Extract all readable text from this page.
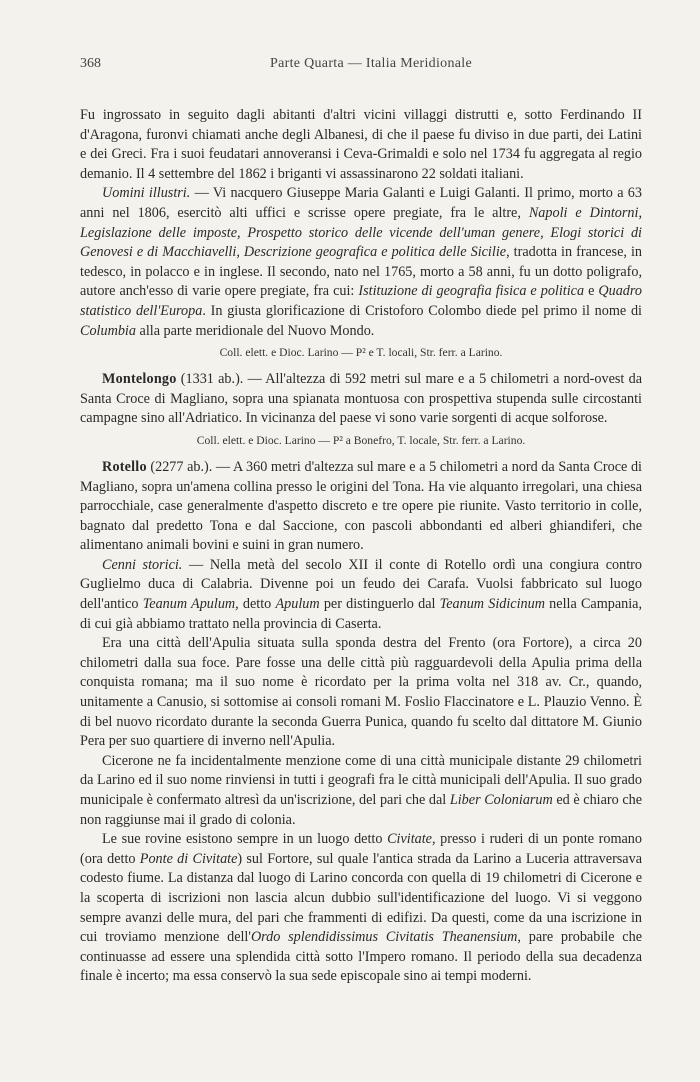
368	Parte Quarta — Italia Meridionale

Fu ingrossato in seguito dagli abitanti d'altri vicini villaggi distrutti e, sotto Ferdinando II d'Aragona, furonvi chiamati anche degli Albanesi, di che il paese fu diviso in due parti, dei Latini e dei Greci. Fra i suoi feudatari annoveransi i Ceva-Grimaldi e solo nel 1734 fu aggregata al regio demanio. Il 4 settembre del 1862 i briganti vi assassinarono 22 soldati italiani.

Uomini illustri. — Vi nacquero Giuseppe Maria Galanti e Luigi Galanti. Il primo, morto a 63 anni nel 1806, esercitò alti uffici e scrisse opere pregiate, fra le altre, Napoli e Dintorni, Legislazione delle imposte, Prospetto storico delle vicende dell'uman genere, Elogi storici di Genovesi e di Macchiavelli, Descrizione geografica e politica delle Sicilie, tradotta in francese, in tedesco, in polacco e in inglese. Il secondo, nato nel 1765, morto a 58 anni, fu un dotto poligrafo, autore anch'esso di varie opere pregiate, fra cui: Istituzione di geografia fisica e politica e Quadro statistico dell'Europa. In giusta glorificazione di Cristoforo Colombo diede pel primo il nome di Columbia alla parte meridionale del Nuovo Mondo.

Coll. elett. e Dioc. Larino — P² e T. locali, Str. ferr. a Larino.

Montelongo (1331 ab.). — All'altezza di 592 metri sul mare e a 5 chilometri a nord-ovest da Santa Croce di Magliano, sopra una spianata montuosa con prospettiva stupenda sulle circostanti campagne sino all'Adriatico. In vicinanza del paese vi sono varie sorgenti di acque solforose.

Coll. elett. e Dioc. Larino — P² a Bonefro, T. locale, Str. ferr. a Larino.

Rotello (2277 ab.). — A 360 metri d'altezza sul mare e a 5 chilometri a nord da Santa Croce di Magliano, sopra un'amena collina presso le origini del Tona. Ha vie alquanto irregolari, una chiesa parrocchiale, case generalmente d'aspetto discreto e tre opere pie riunite. Vasto territorio in colle, bagnato dal predetto Tona e dal Saccione, con pascoli abbondanti ed alberi ghiandiferi, che alimentano animali bovini e suini in gran numero.

Cenni storici. — Nella metà del secolo XII il conte di Rotello ordì una congiura contro Guglielmo duca di Calabria. Divenne poi un feudo dei Carafa. Vuolsi fabbricato sul luogo dell'antico Teanum Apulum, detto Apulum per distinguerlo dal Teanum Sidicinum nella Campania, di cui già abbiamo trattato nella provincia di Caserta.

Era una città dell'Apulia situata sulla sponda destra del Frento (ora Fortore), a circa 20 chilometri dalla sua foce. Pare fosse una delle città più ragguardevoli della Apulia prima della conquista romana; ma il suo nome è ricordato per la prima volta nel 318 av. Cr., quando, unitamente a Canusio, si sottomise ai consoli romani M. Foslio Flaccinatore e L. Plauzio Venno. È di bel nuovo ricordato durante la seconda Guerra Punica, quando fu scelto dal dittatore M. Giunio Pera per suo quartiere di inverno nell'Apulia.

Cicerone ne fa incidentalmente menzione come di una città municipale distante 29 chilometri da Larino ed il suo nome rinviensi in tutti i geografi fra le città municipali dell'Apulia. Il suo grado municipale è confermato altresì da un'iscrizione, del pari che dal Liber Coloniarum ed è chiaro che non raggiunse mai il grado di colonia.

Le sue rovine esistono sempre in un luogo detto Civitate, presso i ruderi di un ponte romano (ora detto Ponte di Civitate) sul Fortore, sul quale l'antica strada da Larino a Luceria attraversava codesto fiume. La distanza dal luogo di Larino concorda con quella di 19 chilometri di Cicerone e la scoperta di iscrizioni non lascia alcun dubbio sull'identificazione del luogo. Vi si veggono sempre avanzi delle mura, del pari che frammenti di edifizi. Da questi, come da una iscrizione in cui troviamo menzione dell'Ordo splendidissimus Civitatis Theanensium, pare probabile che continuasse ad essere una splendida città sotto l'Impero romano. Il periodo della sua decadenza finale è incerto; ma essa conservò la sua sede episcopale sino ai tempi moderni.
